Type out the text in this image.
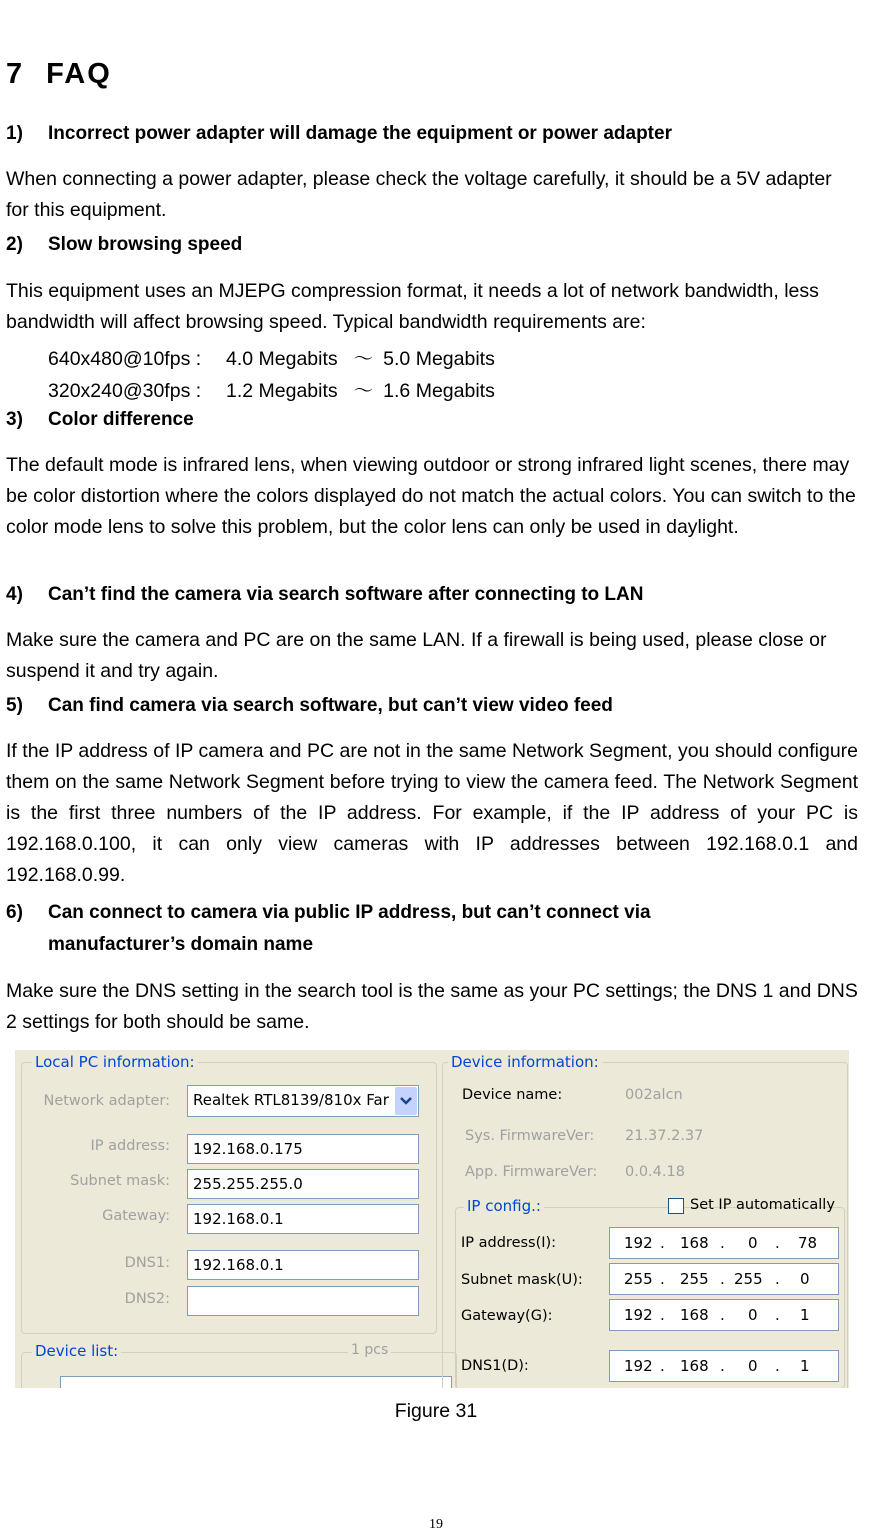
7 FAQ
1) Incorrect power adapter will damage the equipment or power adapter
When connecting a power adapter, please check the voltage carefully, it should be a 5V adapter for this equipment.
2) Slow browsing speed
This equipment uses an MJEPG compression format, it needs a lot of network bandwidth, less bandwidth will affect browsing speed. Typical bandwidth requirements are:
640x480@10fps : 4.0 Megabits ～ 5.0 Megabits
320x240@30fps : 1.2 Megabits ～ 1.6 Megabits
3) Color difference
The default mode is infrared lens, when viewing outdoor or strong infrared light scenes, there may be color distortion where the colors displayed do not match the actual colors. You can switch to the color mode lens to solve this problem, but the color lens can only be used in daylight.
4) Can’t find the camera via search software after connecting to LAN
Make sure the camera and PC are on the same LAN. If a firewall is being used, please close or suspend it and try again.
5) Can find camera via search software, but can’t view video feed
If the IP address of IP camera and PC are not in the same Network Segment, you should configure them on the same Network Segment before trying to view the camera feed. The Network Segment is the first three numbers of the IP address. For example, if the IP address of your PC is 192.168.0.100, it can only view cameras with IP addresses between 192.168.0.1 and 192.168.0.99.
6) Can connect to camera via public IP address, but can’t connect via
manufacturer’s domain name
Make sure the DNS setting in the search tool is the same as your PC settings; the DNS 1 and DNS 2 settings for both should be same.
Local PC information:
Network adapter:	Realtek RTL8139/810x Far
IP address:	192.168.0.175
Subnet mask:	255.255.255.0
Gateway:	192.168.0.1
DNS1:	192.168.0.1
DNS2:
Device list:	1 pcs
Device information:
Device name:	002alcn
Sys. FirmwareVer: 21.37.2.37
App. FirmwareVer: 0.0.4.18
IP config.:	Set IP automatically
IP address(I):	192 . 168 . 0 . 78
Subnet mask(U):	255 . 255 . 255 . 0
Gateway(G):	192 . 168 . 0 . 1
DNS1(D):	192 . 168 . 0 . 1
Figure 31
19
